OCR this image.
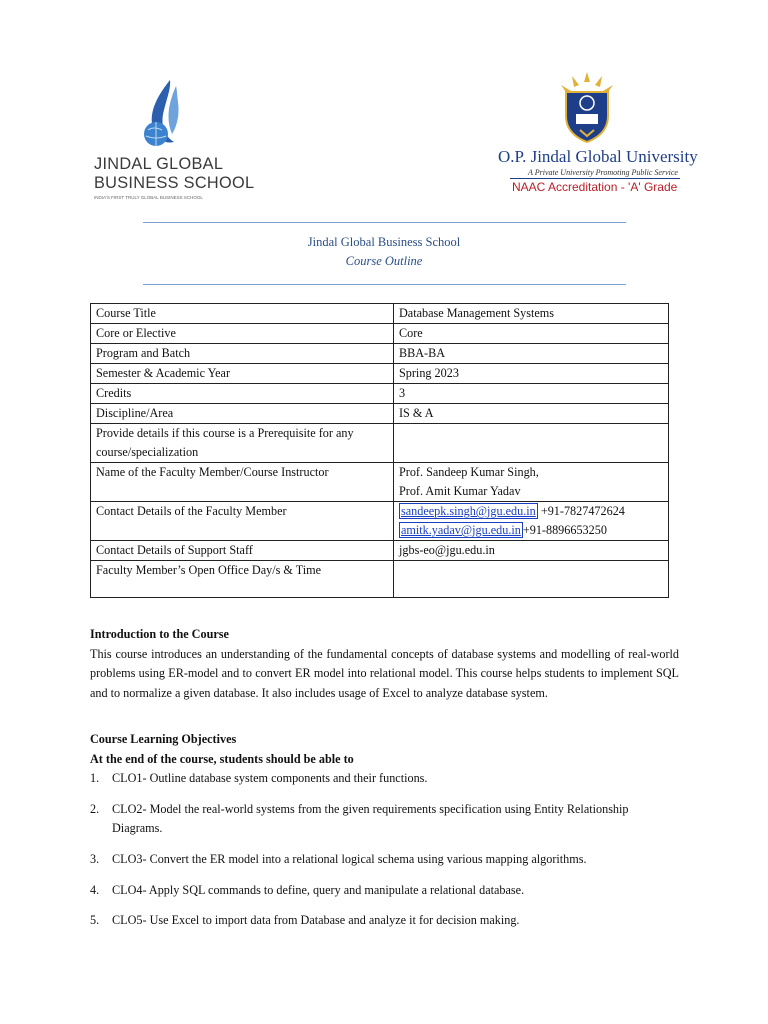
JINDAL GLOBAL
BUSINESS SCHOOL
INDIA'S FIRST TRULY GLOBAL BUSINESS SCHOOL
O.P. Jindal Global University
A Private University Promoting Public Service
NAAC Accreditation - 'A' Grade
Jindal Global Business School
Course Outline
Course Title	Database Management Systems
Core or Elective	Core
Program and Batch	BBA-BA
Semester & Academic Year	Spring 2023
Credits	3
Discipline/Area	IS & A
Provide details if this course is a Prerequisite for any course/specialization	
Name of the Faculty Member/Course Instructor	Prof. Sandeep Kumar Singh,
Prof. Amit Kumar Yadav

Contact Details of the Faculty Member	sandeepk.singh@jgu.edu.in +91-7827472624
amitk.yadav@jgu.edu.in +91-8896653250

Contact Details of Support Staff	jgbs-eo@jgu.edu.in
Faculty Member’s Open Office Day/s & Time	
Introduction to the Course
This course introduces an understanding of the fundamental concepts of database systems and modelling of real-world problems using ER-model and to convert ER model into relational model. This course helps students to implement SQL and to normalize a given database. It also includes usage of Excel to analyze database system.
Course Learning Objectives
At the end of the course, students should be able to
1. CLO1- Outline database system components and their functions.
2. CLO2- Model the real-world systems from the given requirements specification using Entity Relationship Diagrams.
3. CLO3- Convert the ER model into a relational logical schema using various mapping algorithms.
4. CLO4- Apply SQL commands to define, query and manipulate a relational database.
5. CLO5- Use Excel to import data from Database and analyze it for decision making.
